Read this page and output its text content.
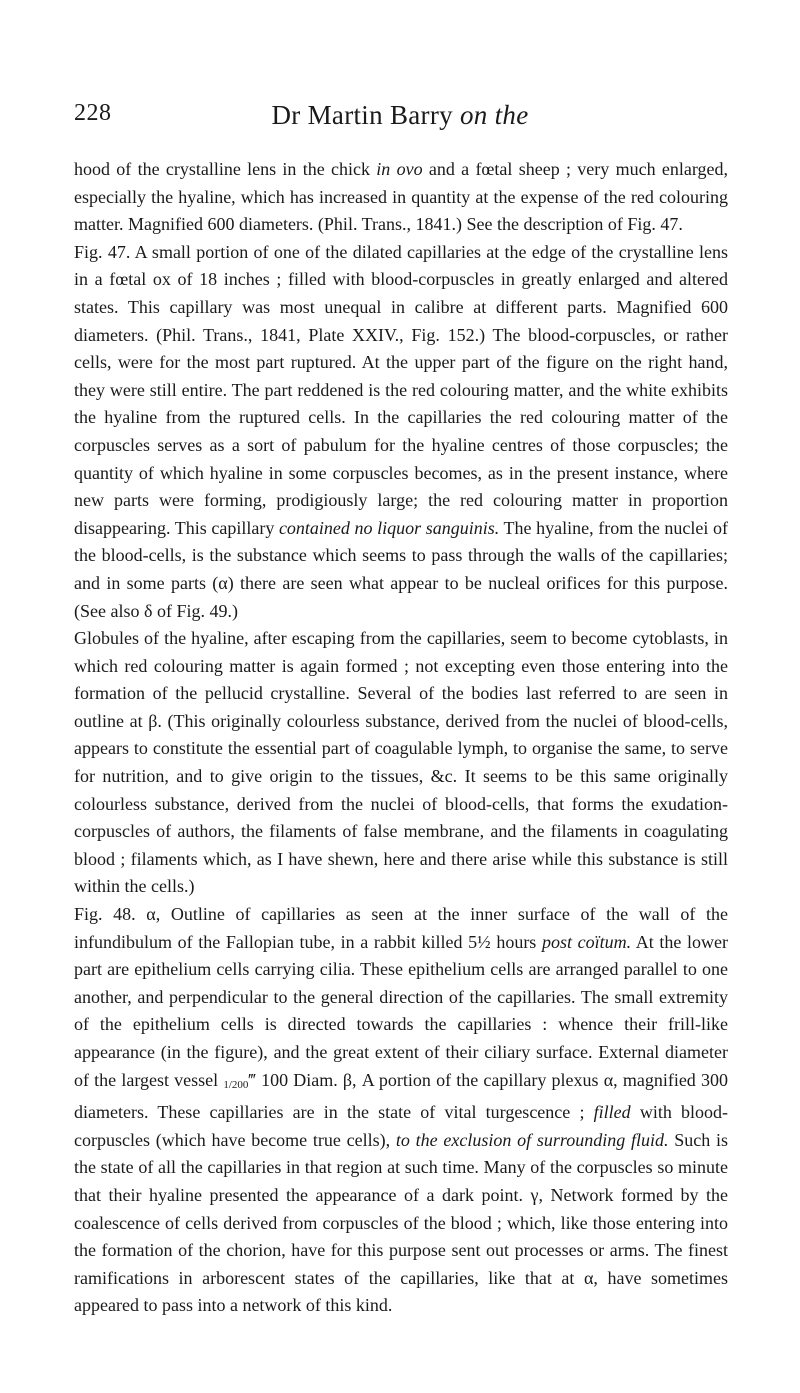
228	Dr Martin Barry on the

hood of the crystalline lens in the chick in ovo and a fœtal sheep ; very much enlarged, especially the hyaline, which has increased in quantity at the expense of the red colouring matter. Magnified 600 diameters. (Phil. Trans., 1841.) See the description of Fig. 47.

Fig. 47. A small portion of one of the dilated capillaries at the edge of the crystalline lens in a fœtal ox of 18 inches ; filled with blood-corpuscles in greatly enlarged and altered states. This capillary was most unequal in calibre at different parts. Magnified 600 diameters. (Phil. Trans., 1841, Plate XXIV., Fig. 152.) The blood-corpuscles, or rather cells, were for the most part ruptured. At the upper part of the figure on the right hand, they were still entire. The part reddened is the red colouring matter, and the white exhibits the hyaline from the ruptured cells. In the capillaries the red colouring matter of the corpuscles serves as a sort of pabulum for the hyaline centres of those corpuscles; the quantity of which hyaline in some corpuscles becomes, as in the present instance, where new parts were forming, prodigiously large; the red colouring matter in proportion disappearing. This capillary contained no liquor sanguinis. The hyaline, from the nuclei of the blood-cells, is the substance which seems to pass through the walls of the capillaries; and in some parts (α) there are seen what appear to be nucleal orifices for this purpose. (See also δ of Fig. 49.)

Globules of the hyaline, after escaping from the capillaries, seem to become cytoblasts, in which red colouring matter is again formed ; not excepting even those entering into the formation of the pellucid crystalline. Several of the bodies last referred to are seen in outline at β. (This originally colourless substance, derived from the nuclei of blood-cells, appears to constitute the essential part of coagulable lymph, to organise the same, to serve for nutrition, and to give origin to the tissues, &c. It seems to be this same originally colourless substance, derived from the nuclei of blood-cells, that forms the exudation-corpuscles of authors, the filaments of false membrane, and the filaments in coagulating blood ; filaments which, as I have shewn, here and there arise while this substance is still within the cells.)

Fig. 48. α, Outline of capillaries as seen at the inner surface of the wall of the infundibulum of the Fallopian tube, in a rabbit killed 5½ hours post coïtum. At the lower part are epithelium cells carrying cilia. These epithelium cells are arranged parallel to one another, and perpendicular to the general direction of the capillaries. The small extremity of the epithelium cells is directed towards the capillaries : whence their frill-like appearance (in the figure), and the great extent of their ciliary surface. External diameter of the largest vessel 1/200‴ 100 Diam. β, A portion of the capillary plexus α, magnified 300 diameters. These capillaries are in the state of vital turgescence ; filled with blood-corpuscles (which have become true cells), to the exclusion of surrounding fluid. Such is the state of all the capillaries in that region at such time. Many of the corpuscles so minute that their hyaline presented the appearance of a dark point. γ, Network formed by the coalescence of cells derived from corpuscles of the blood ; which, like those entering into the formation of the chorion, have for this purpose sent out processes or arms. The finest ramifications in arborescent states of the capillaries, like that at α, have sometimes appeared to pass into a network of this kind.
